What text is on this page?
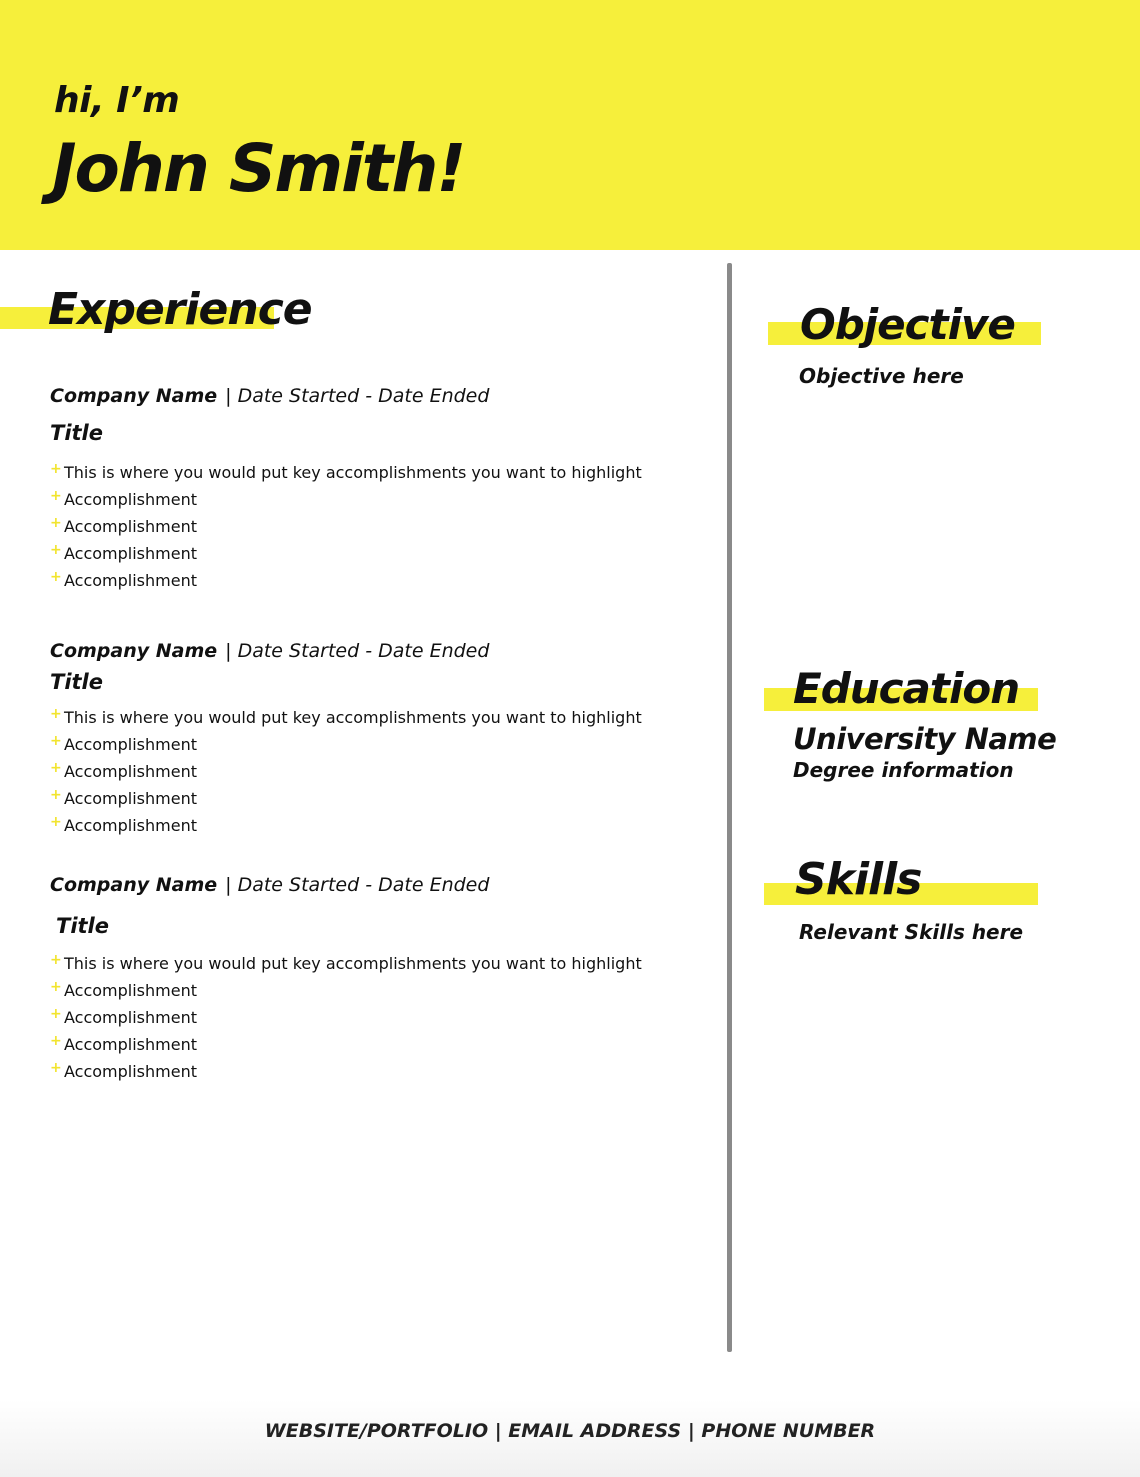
hi, I’m
John Smith!
Experience
Company Name | Date Started - Date Ended
Title
+ This is where you would put key accomplishments you want to highlight
+ Accomplishment
+ Accomplishment
+ Accomplishment
+ Accomplishment
Company Name | Date Started - Date Ended
Title
+ This is where you would put key accomplishments you want to highlight
+ Accomplishment
+ Accomplishment
+ Accomplishment
+ Accomplishment
Company Name | Date Started - Date Ended
Title
+ This is where you would put key accomplishments you want to highlight
+ Accomplishment
+ Accomplishment
+ Accomplishment
+ Accomplishment
Objective
Objective here
Education
University Name
Degree information
Skills
Relevant Skills here
WEBSITE/PORTFOLIO | EMAIL ADDRESS | PHONE NUMBER
